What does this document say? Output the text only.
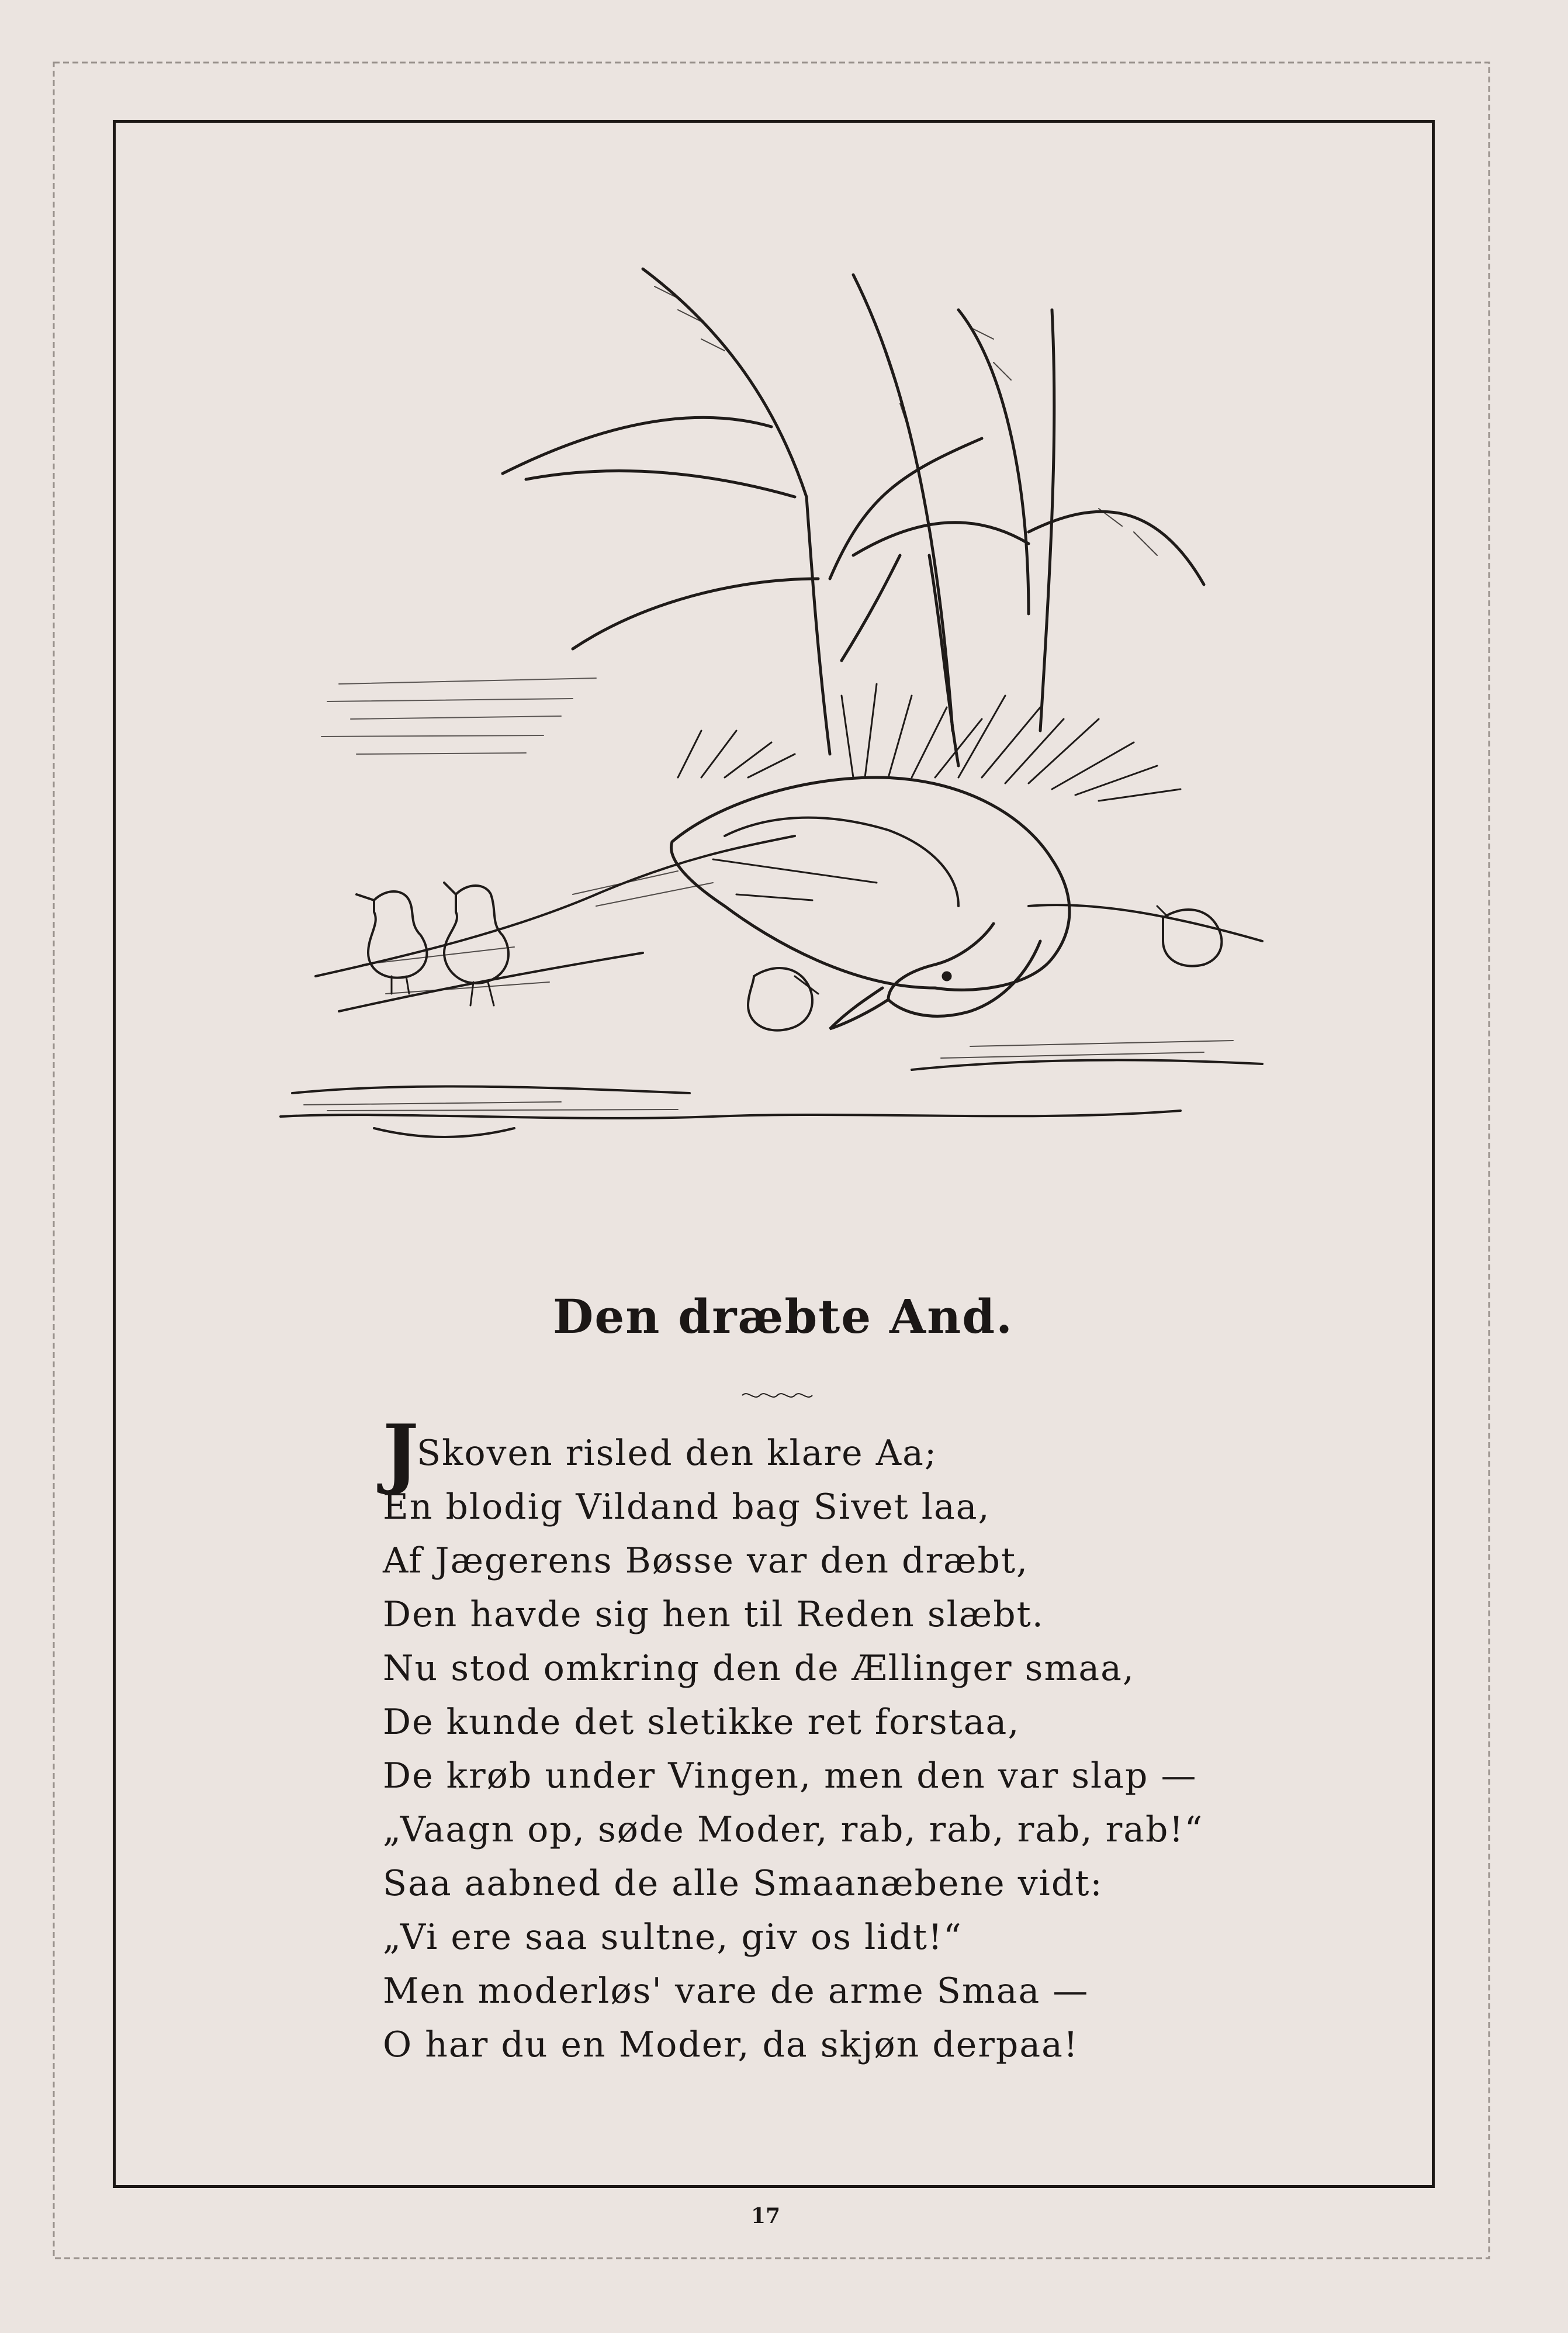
Den dræbte And.
J
Skoven risled den klare Aa;
En blodig Vildand bag Sivet laa,
Af Jægerens Bøsse var den dræbt,
Den havde sig hen til Reden slæbt.
Nu stod omkring den de Ællinger smaa,
De kunde det sletikke ret forstaa,
De krøb under Vingen, men den var slap —
„Vaagn op, søde Moder, rab, rab, rab, rab!“
Saa aabned de alle Smaanæbene vidt:
„Vi ere saa sultne, giv os lidt!“
Men moderløs' vare de arme Smaa —
O har du en Moder, da skjøn derpaa!
17
